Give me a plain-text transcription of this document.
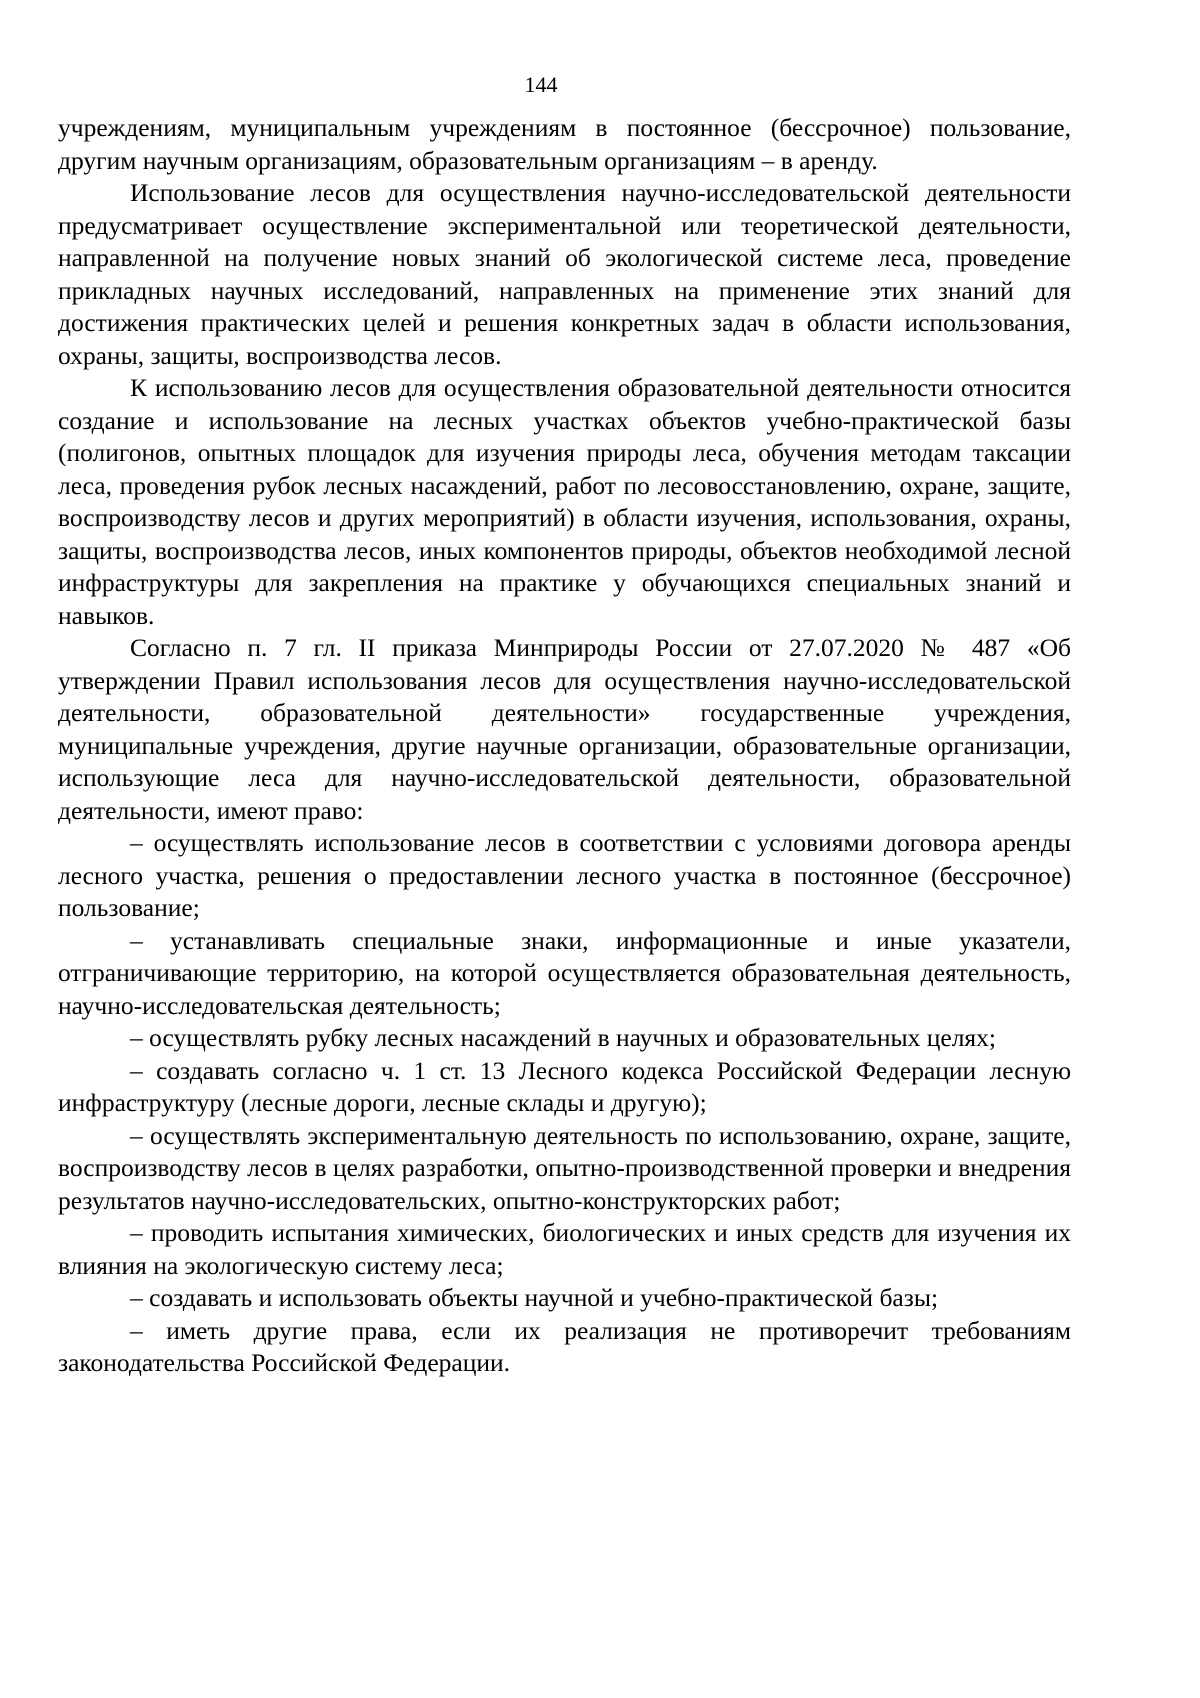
144

учреждениям, муниципальным учреждениям в постоянное (бессрочное) пользование, другим научным организациям, образовательным организациям – в аренду.

Использование лесов для осуществления научно-исследовательской деятельности предусматривает осуществление экспериментальной или теоретической деятельности, направленной на получение новых знаний об экологической системе леса, проведение прикладных научных исследований, направленных на применение этих знаний для достижения практических целей и решения конкретных задач в области использования, охраны, защиты, воспроизводства лесов.

К использованию лесов для осуществления образовательной деятельности относится создание и использование на лесных участках объектов учебно-практической базы (полигонов, опытных площадок для изучения природы леса, обучения методам таксации леса, проведения рубок лесных насаждений, работ по лесовосстановлению, охране, защите, воспроизводству лесов и других мероприятий) в области изучения, использования, охраны, защиты, воспроизводства лесов, иных компонентов природы, объектов необходимой лесной инфраструктуры для закрепления на практике у обучающихся специальных знаний и навыков.

Согласно п. 7 гл. II приказа Минприроды России от 27.07.2020 № 487 «Об утверждении Правил использования лесов для осуществления научно-исследовательской деятельности, образовательной деятельности» государственные учреждения, муниципальные учреждения, другие научные организации, образовательные организации, использующие леса для научно-исследовательской деятельности, образовательной деятельности, имеют право:

– осуществлять использование лесов в соответствии с условиями договора аренды лесного участка, решения о предоставлении лесного участка в постоянное (бессрочное) пользование;

– устанавливать специальные знаки, информационные и иные указатели, отграничивающие территорию, на которой осуществляется образовательная деятельность, научно-исследовательская деятельность;

– осуществлять рубку лесных насаждений в научных и образовательных целях;

– создавать согласно ч. 1 ст. 13 Лесного кодекса Российской Федерации лесную инфраструктуру (лесные дороги, лесные склады и другую);

– осуществлять экспериментальную деятельность по использованию, охране, защите, воспроизводству лесов в целях разработки, опытно-производственной проверки и внедрения результатов научно-исследовательских, опытно-конструкторских работ;

– проводить испытания химических, биологических и иных средств для изучения их влияния на экологическую систему леса;

– создавать и использовать объекты научной и учебно-практической базы;

– иметь другие права, если их реализация не противоречит требованиям законодательства Российской Федерации.
